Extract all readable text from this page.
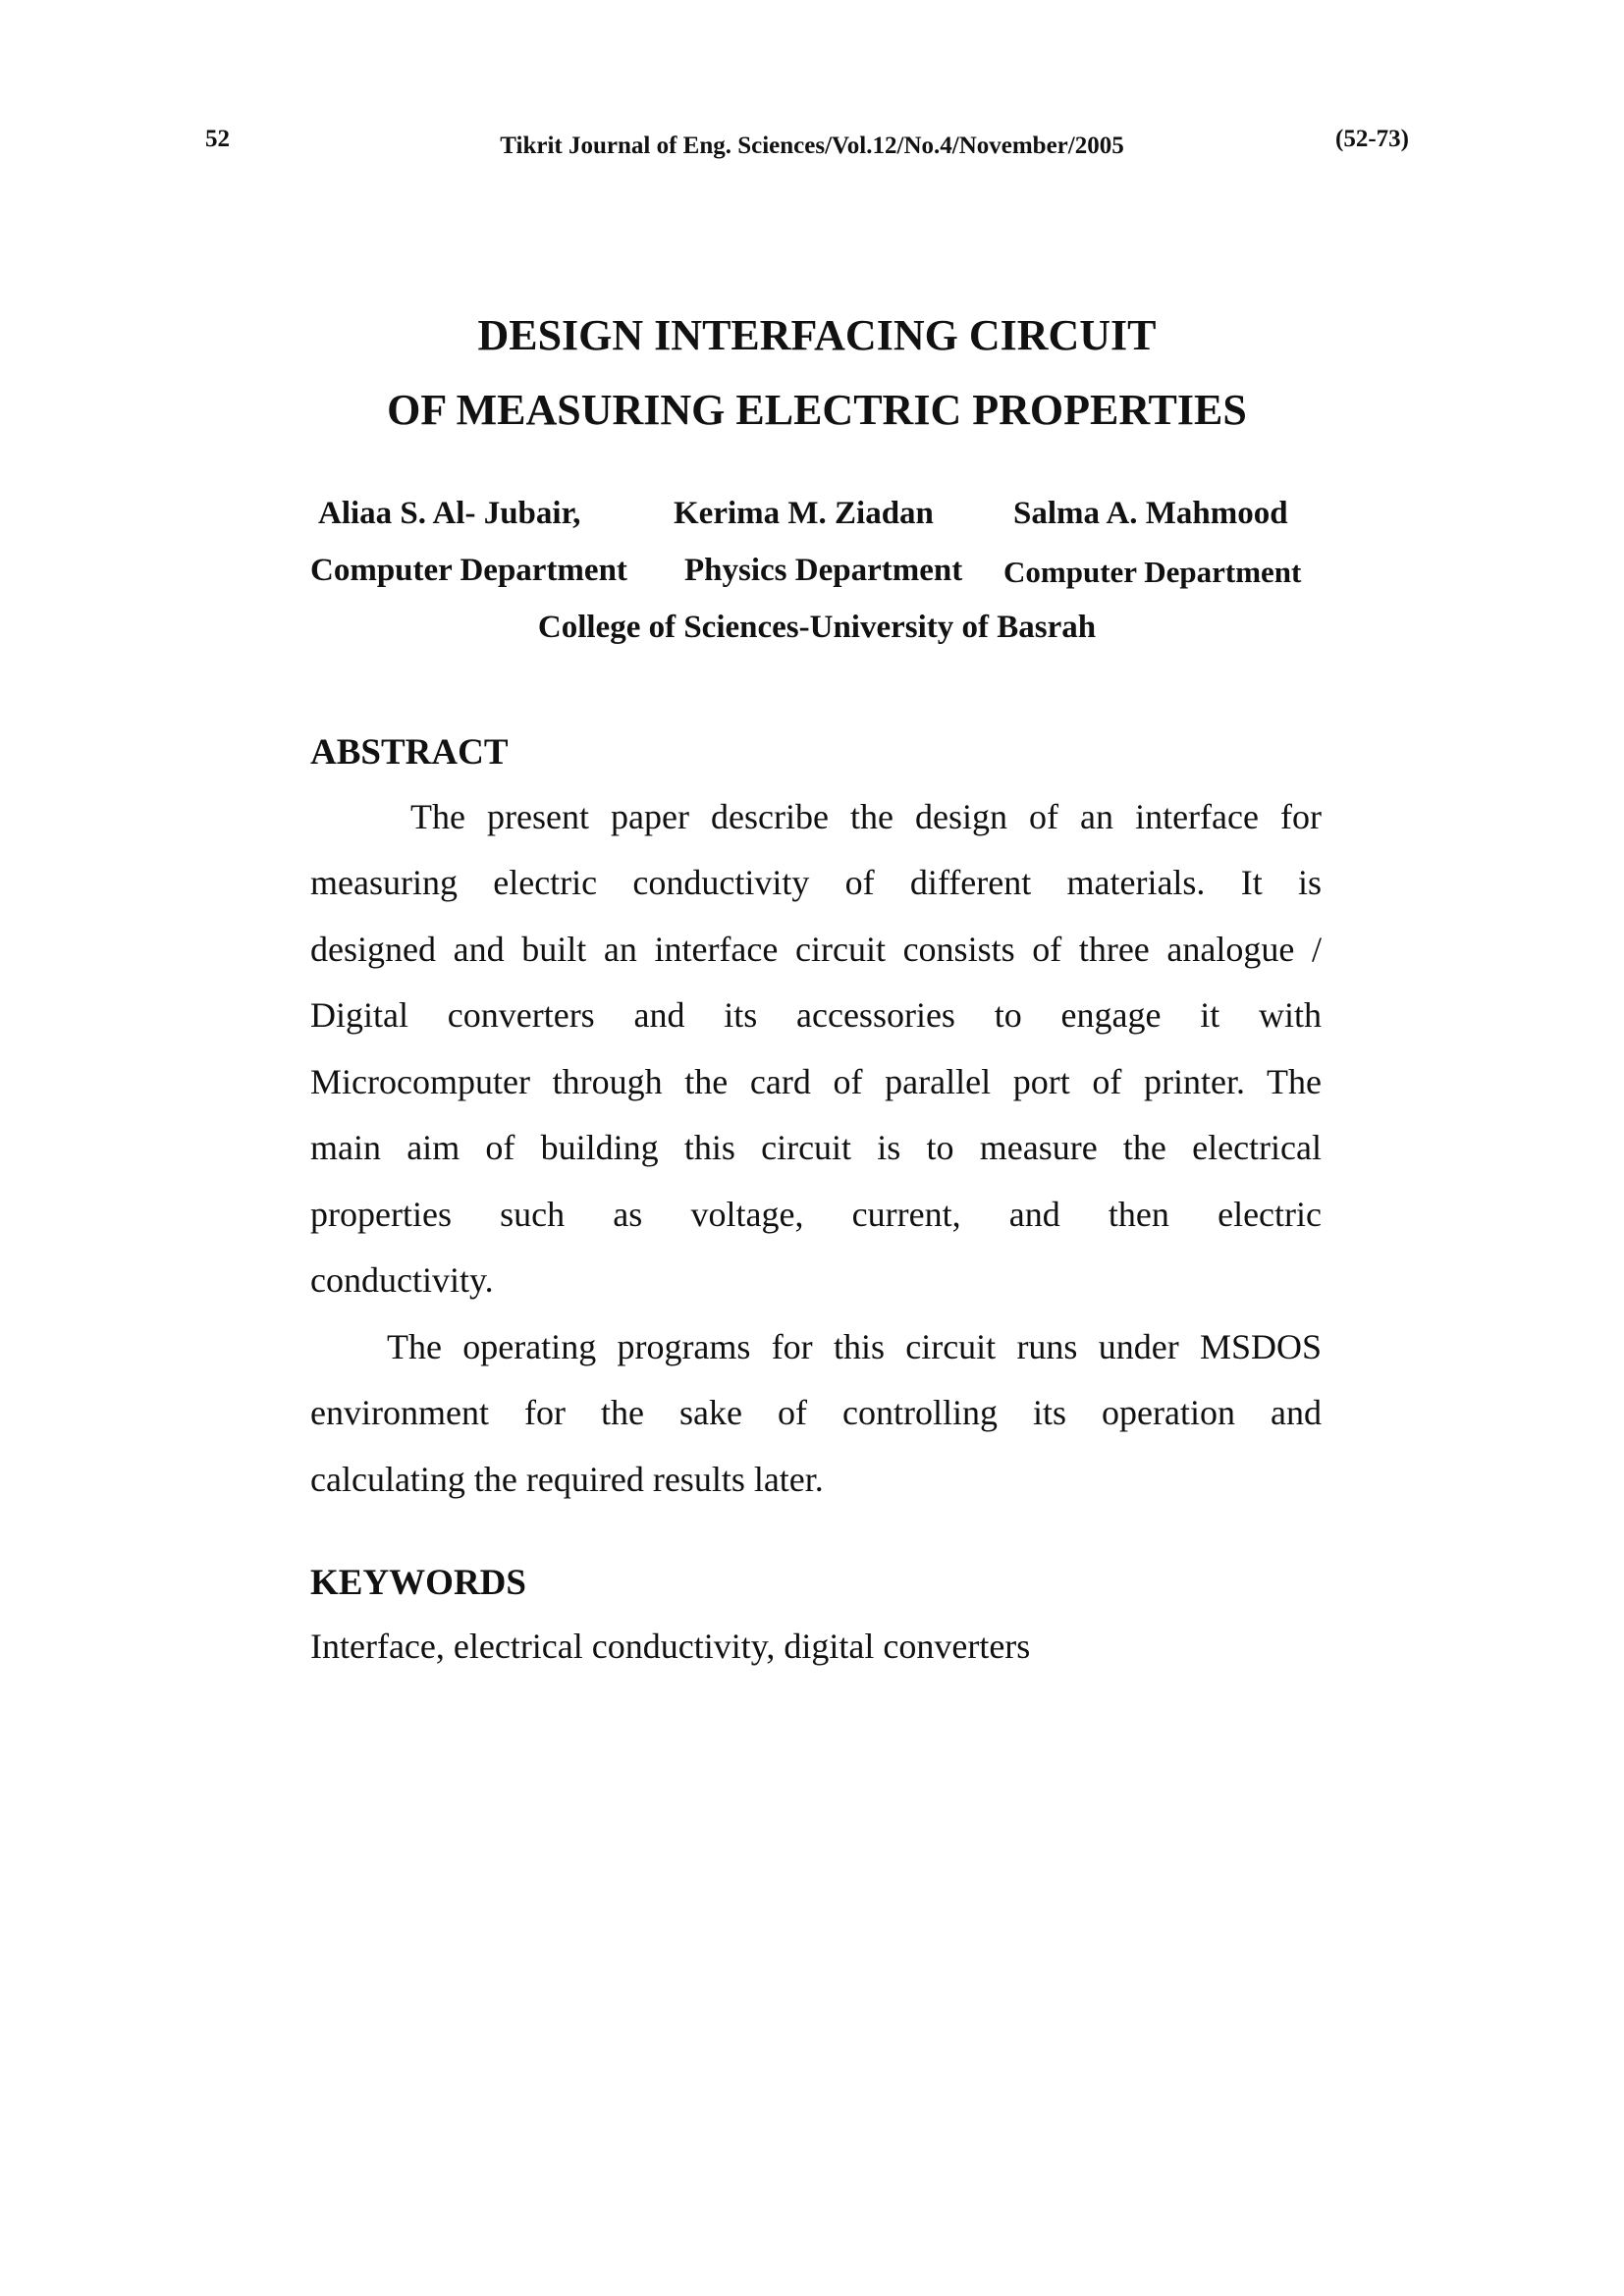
52	Tikrit Journal of Eng. Sciences/Vol.12/No.4/November/2005	(52-73)
DESIGN INTERFACING CIRCUIT
OF MEASURING ELECTRIC PROPERTIES
Aliaa S. Al- Jubair,	Kerima M. Ziadan Salma A. Mahmood
Computer Department Physics Department Computer Department
College of Sciences-University of Basrah
ABSTRACT
The present paper describe the design of an interface for
measuring electric conductivity of different materials. It is
designed and built an interface circuit consists of three analogue /
Digital converters and its accessories to engage it with
Microcomputer through the card of parallel port of printer. The
main aim of building this circuit is to measure the electrical
properties such as voltage, current, and then electric
conductivity.
The operating programs for this circuit runs under MSDOS
environment for the sake of controlling its operation and
calculating the required results later.
KEYWORDS
Interface, electrical conductivity, digital converters
